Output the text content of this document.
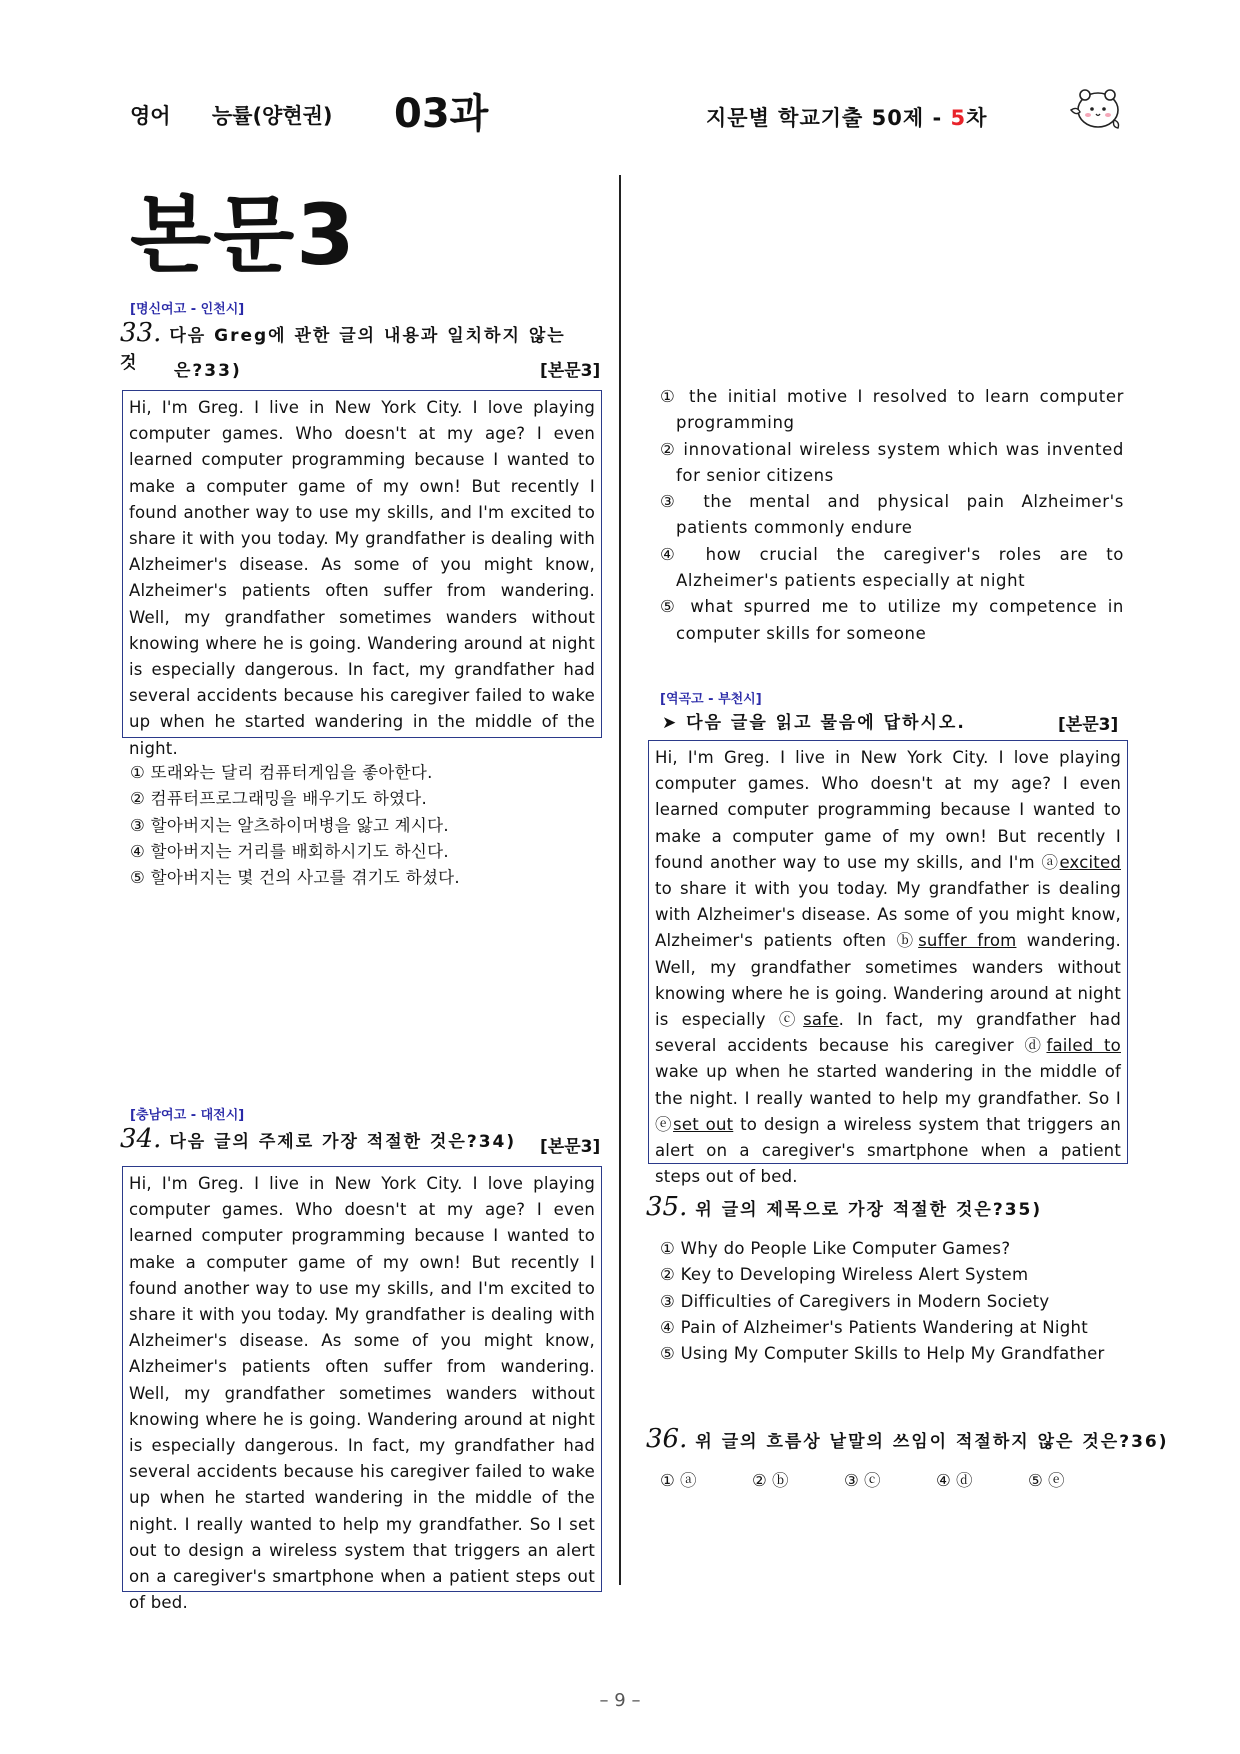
영어 능률(양현권) 03과	지문별 학교기출 50제 - 5차
본문3
[명신여고 - 인천시]
33. 다음 Greg에 관한 글의 내용과 일치하지 않는 것	은?33)	[본문3]
Hi, I'm Greg. I live in New York City. I love playing computer games. Who doesn't at my age? I even learned computer programming because I wanted to make a computer game of my own! But recently I found another way to use my skills, and I'm excited to share it with you today. My grandfather is dealing with Alzheimer's disease. As some of you might know, Alzheimer's patients often suffer from wandering. Well, my grandfather sometimes wanders without knowing where he is going. Wandering around at night is especially dangerous. In fact, my grandfather had several accidents because his caregiver failed to wake up when he started wandering in the middle of the night.
① 또래와는 달리 컴퓨터게임을 좋아한다.
② 컴퓨터프로그래밍을 배우기도 하였다.
③ 할아버지는 알츠하이머병을 앓고 계시다.
④ 할아버지는 거리를 배회하시기도 하신다.
⑤ 할아버지는 몇 건의 사고를 겪기도 하셨다.
[충남여고 - 대전시]
34. 다음 글의 주제로 가장 적절한 것은?34) [본문3]
Hi, I'm Greg. I live in New York City. I love playing computer games. Who doesn't at my age? I even learned computer programming because I wanted to make a computer game of my own! But recently I found another way to use my skills, and I'm excited to share it with you today. My grandfather is dealing with Alzheimer's disease. As some of you might know, Alzheimer's patients often suffer from wandering. Well, my grandfather sometimes wanders without knowing where he is going. Wandering around at night is especially dangerous. In fact, my grandfather had several accidents because his caregiver failed to wake up when he started wandering in the middle of the night. I really wanted to help my grandfather. So I set out to design a wireless system that triggers an alert on a caregiver's smartphone when a patient steps out of bed.
① the initial motive I resolved to learn computer programming
② innovational wireless system which was invented for senior citizens
③ the mental and physical pain Alzheimer's patients commonly endure
④ how crucial the caregiver's roles are to Alzheimer's patients especially at night
⑤ what spurred me to utilize my competence in computer skills for someone
[역곡고 - 부천시]
➤ 다음 글을 읽고 물음에 답하시오.	[본문3]
Hi, I'm Greg. I live in New York City. I love playing computer games. Who doesn't at my age? I even learned computer programming because I wanted to make a computer game of my own! But recently I found another way to use my skills, and I'm ⓐexcited to share it with you today. My grandfather is dealing with Alzheimer's disease. As some of you might know, Alzheimer's patients often ⓑsuffer from wandering. Well, my grandfather sometimes wanders without knowing where he is going. Wandering around at night is especially ⓒsafe. In fact, my grandfather had several accidents because his caregiver ⓓfailed to wake up when he started wandering in the middle of the night. I really wanted to help my grandfather. So I ⓔset out to design a wireless system that triggers an alert on a caregiver's smartphone when a patient steps out of bed.
35. 위 글의 제목으로 가장 적절한 것은?35)
① Why do People Like Computer Games?
② Key to Developing Wireless Alert System
③ Difficulties of Caregivers in Modern Society
④ Pain of Alzheimer's Patients Wandering at Night
⑤ Using My Computer Skills to Help My Grandfather
36. 위 글의 흐름상 낱말의 쓰임이 적절하지 않은 것은?36)
① ⓐ	② ⓑ	③ ⓒ	④ ⓓ	⑤ ⓔ
– 9 –
